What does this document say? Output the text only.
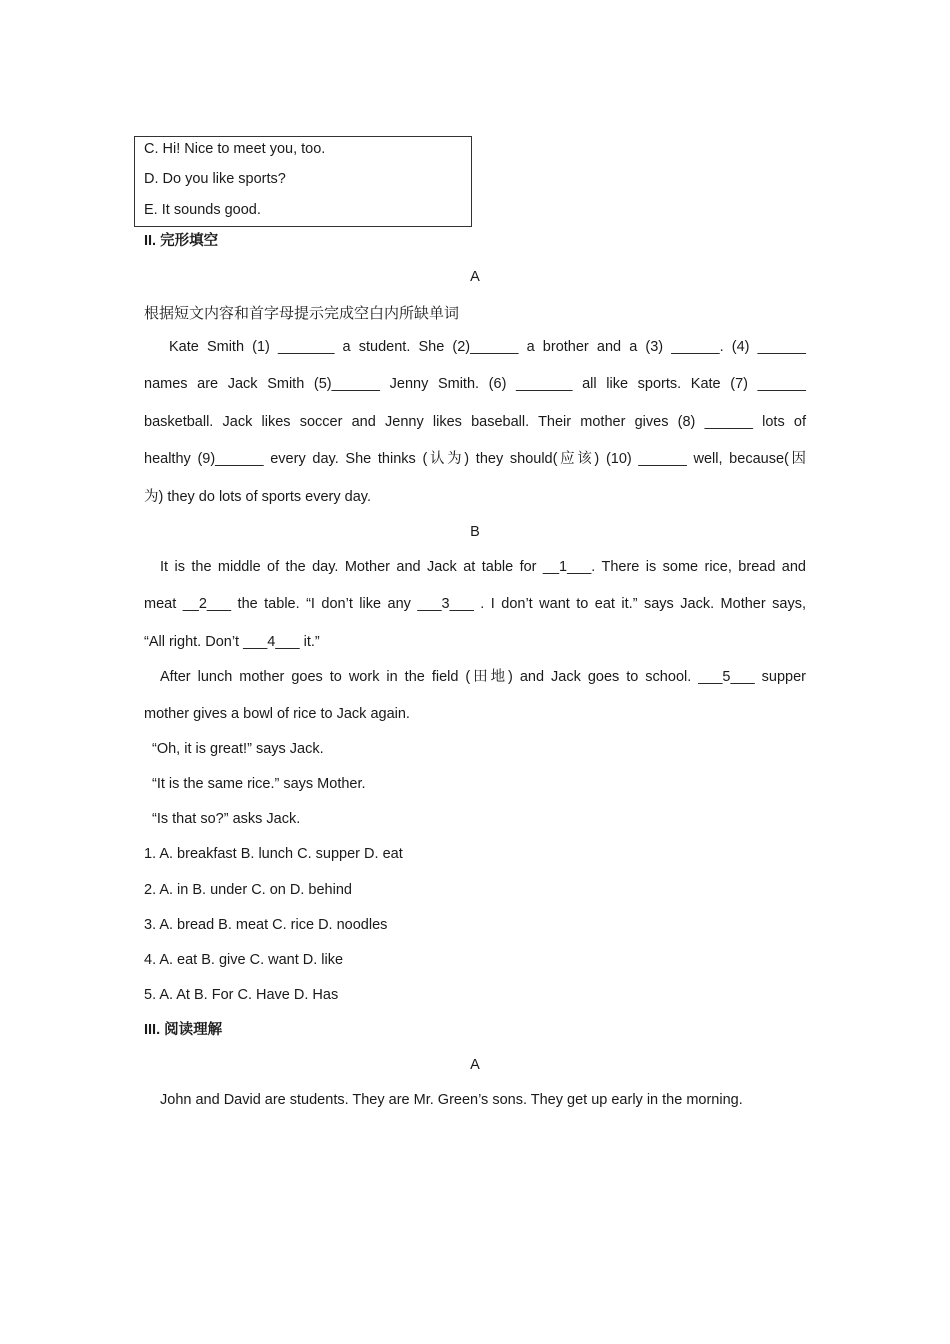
C. Hi! Nice to meet you, too.
D. Do you like sports?
E. It sounds good.
II. 完形填空
A
根据短文内容和首字母提示完成空白内所缺单词
Kate Smith (1) _______ a student. She (2)______ a brother and a (3) ______. (4) ______
names are Jack Smith (5)______ Jenny Smith. (6) _______ all like sports. Kate (7) ______
basketball. Jack likes soccer and Jenny likes baseball. Their mother gives (8) ______ lots of
healthy (9)______ every day. She thinks (认为) they should(应该) (10) ______ well, because(因
为) they do lots of sports every day.
B
It is the middle of the day. Mother and Jack at table for __1___. There is some rice, bread and
meat __2___ the table. “I don’t like any ___3___ . I don’t want to eat it.” says Jack. Mother says,
“All right. Don’t ___4___ it.”
After lunch mother goes to work in the field (田地) and Jack goes to school. ___5___ supper
mother gives a bowl of rice to Jack again.
“Oh, it is great!” says Jack.
“It is the same rice.” says Mother.
“Is that so?” asks Jack.
1. A. breakfast B. lunch C. supper D. eat
2. A. in B. under C. on D. behind
3. A. bread B. meat C. rice D. noodles
4. A. eat B. give C. want D. like
5. A. At B. For C. Have D. Has
III. 阅读理解
A
John and David are students. They are Mr. Green’s sons. They get up early in the morning.
